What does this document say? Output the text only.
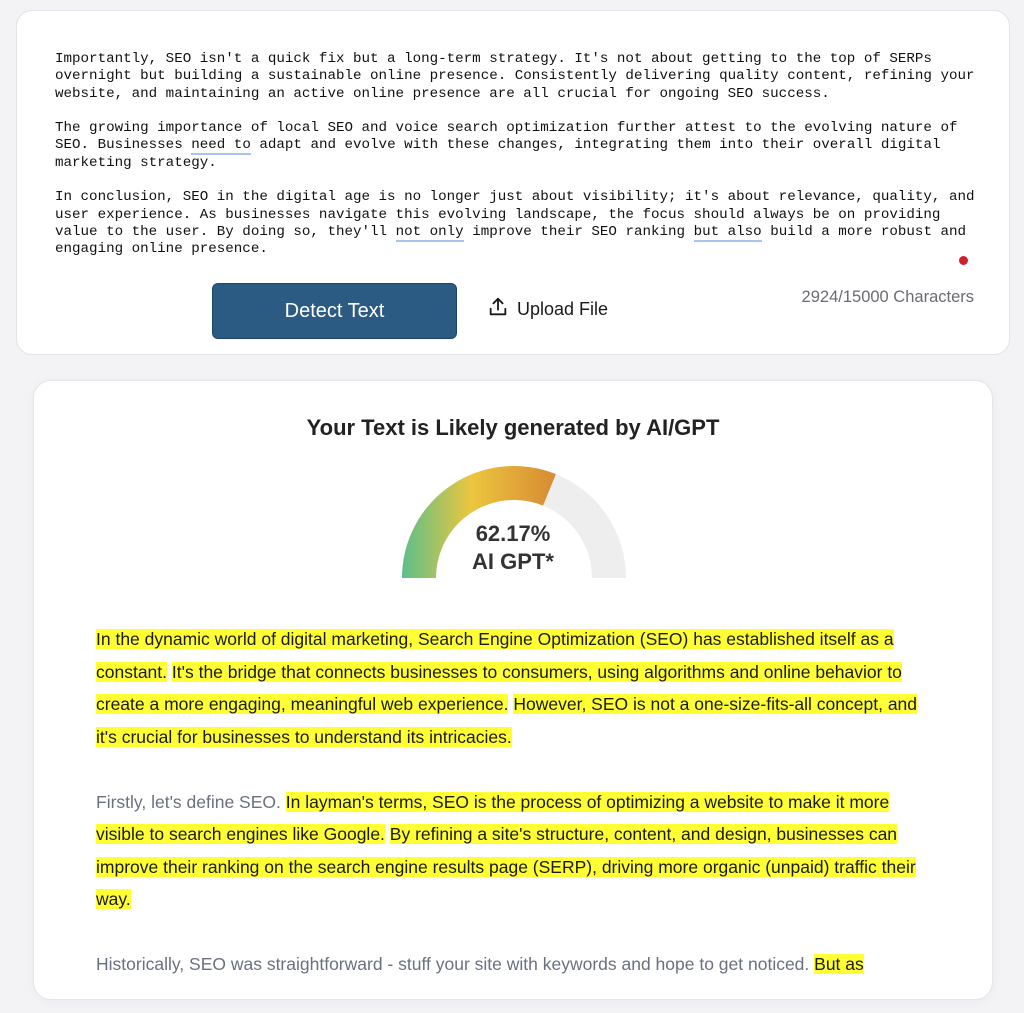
Importantly, SEO isn't a quick fix but a long-term strategy. It's not about getting to the top of SERPs overnight but building a sustainable online presence. Consistently delivering quality content, refining your website, and maintaining an active online presence are all crucial for ongoing SEO success.

The growing importance of local SEO and voice search optimization further attest to the evolving nature of SEO. Businesses need to adapt and evolve with these changes, integrating them into their overall digital marketing strategy.

In conclusion, SEO in the digital age is no longer just about visibility; it's about relevance, quality, and user experience. As businesses navigate this evolving landscape, the focus should always be on providing value to the user. By doing so, they'll not only improve their SEO ranking but also build a more robust and engaging online presence.

Detect Text	Upload File
2924/15000 Characters
Your Text is Likely generated by AI/GPT
62.17%
AI GPT*

In the dynamic world of digital marketing, Search Engine Optimization (SEO) has established itself as a constant. It's the bridge that connects businesses to consumers, using algorithms and online behavior to create a more engaging, meaningful web experience. However, SEO is not a one-size-fits-all concept, and it's crucial for businesses to understand its intricacies.

Firstly, let's define SEO. In layman's terms, SEO is the process of optimizing a website to make it more visible to search engines like Google. By refining a site's structure, content, and design, businesses can improve their ranking on the search engine results page (SERP), driving more organic (unpaid) traffic their way.

Historically, SEO was straightforward - stuff your site with keywords and hope to get noticed. But as
